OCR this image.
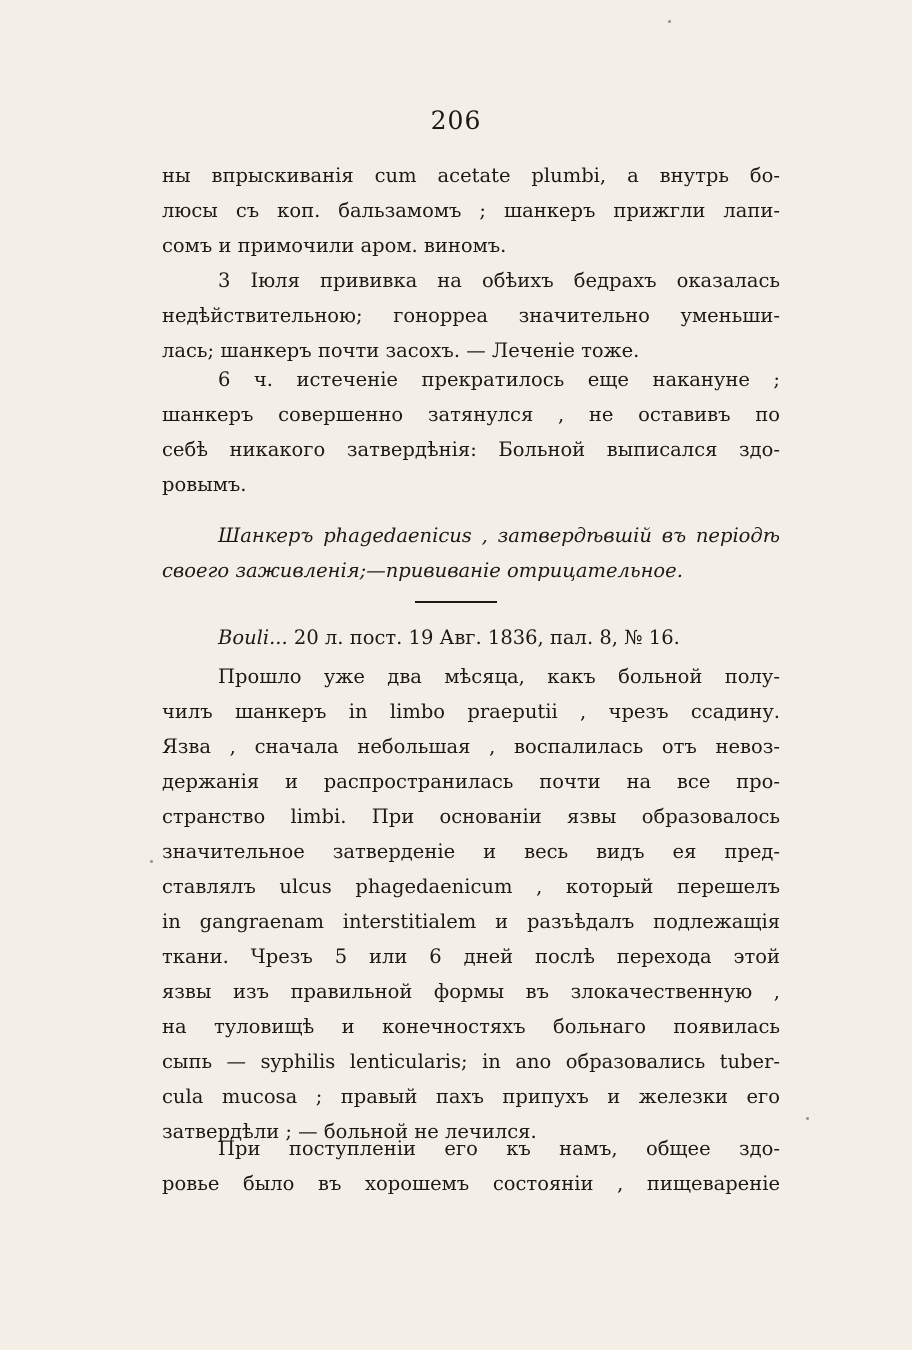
206
ны впрыскиванія cum acetate plumbi, а внутрь бо-
люсы съ коп. бальзамомъ ; шанкеръ прижгли лапи-
сомъ и примочили аром. виномъ.
3 Іюля прививка на обѣихъ бедрахъ оказалась
недѣйствительною; гонорреа значительно уменьши-
лась; шанкеръ почти засохъ. — Леченіе тоже.
6 ч. истеченіе прекратилось еще накануне ;
шанкеръ совершенно затянулся , не оставивъ по
себѣ никакого затвердѣнія: Больной выписался здо-
ровымъ.
Шанкеръ phagedaenicus , затвердѣвшій въ періодѣ
своего заживленія;—прививаніе отрицательное.
Bouli... 20 л. пост. 19 Авг. 1836, пал. 8, № 16.
Прошло уже два мѣсяца, какъ больной полу-
чилъ шанкеръ in limbo praeputii , чрезъ ссадину.
Язва , сначала небольшая , воспалилась отъ невоз-
держанія и распространилась почти на все про-
странство limbi. При основаніи язвы образовалось
значительное затверденіе и весь видъ ея пред-
ставлялъ ulcus phagedaenicum , который перешелъ
in gangraenam interstitialem и разъѣдалъ подлежащія
ткани. Чрезъ 5 или 6 дней послѣ перехода этой
язвы изъ правильной формы въ злокачественную ,
на туловищѣ и конечностяхъ больнаго появилась
сыпь — syphilis lenticularis; in ano образовались tuber-
cula mucosa ; правый пахъ припухъ и железки его
затвердѣли ; — больной не лечился.
При поступленіи его къ намъ, общее здо-
ровье было въ хорошемъ состояніи , пищевареніе
